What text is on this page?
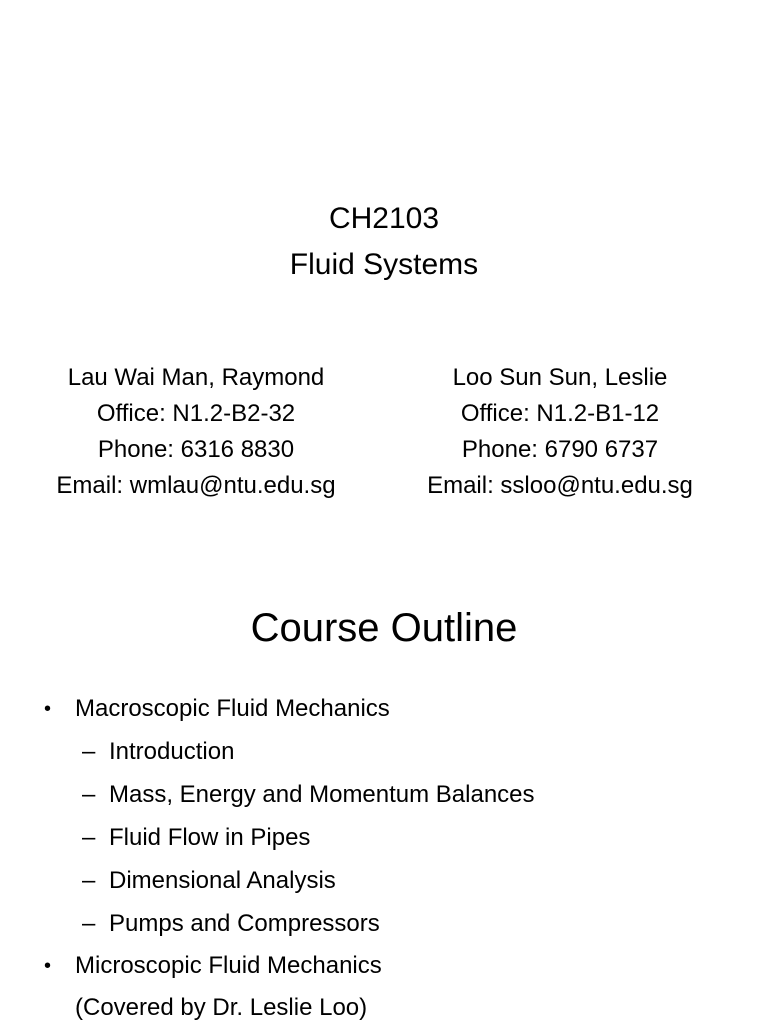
CH2103
Fluid Systems
Lau Wai Man, Raymond
Office: N1.2-B2-32
Phone: 6316 8830
Email: wmlau@ntu.edu.sg
Loo Sun Sun, Leslie
Office: N1.2-B1-12
Phone: 6790 6737
Email: ssloo@ntu.edu.sg
Course Outline
• Macroscopic Fluid Mechanics
– Introduction
– Mass, Energy and Momentum Balances
– Fluid Flow in Pipes
– Dimensional Analysis
– Pumps and Compressors
• Microscopic Fluid Mechanics
(Covered by Dr. Leslie Loo)
